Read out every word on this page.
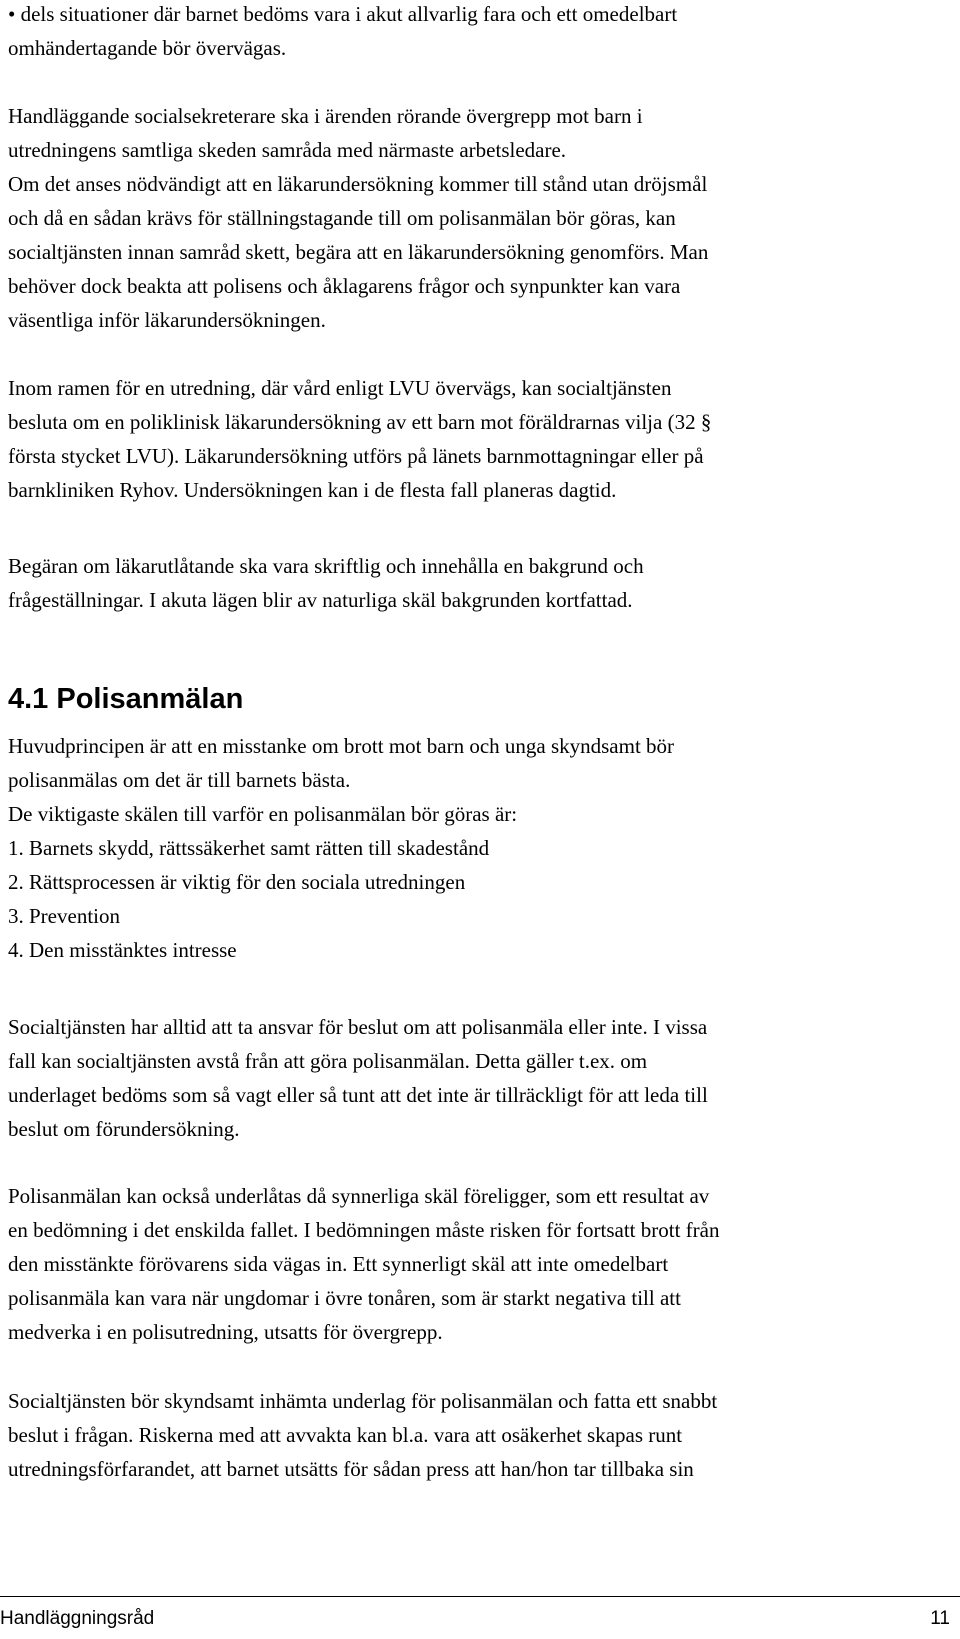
• dels situationer där barnet bedöms vara i akut allvarlig fara och ett omedelbart
omhändertagande bör övervägas.

Handläggande socialsekreterare ska i ärenden rörande övergrepp mot barn i
utredningens samtliga skeden samråda med närmaste arbetsledare.
Om det anses nödvändigt att en läkarundersökning kommer till stånd utan dröjsmål
och då en sådan krävs för ställningstagande till om polisanmälan bör göras, kan
socialtjänsten innan samråd skett, begära att en läkarundersökning genomförs. Man
behöver dock beakta att polisens och åklagarens frågor och synpunkter kan vara
väsentliga inför läkarundersökningen.

Inom ramen för en utredning, där vård enligt LVU övervägs, kan socialtjänsten
besluta om en poliklinisk läkarundersökning av ett barn mot föräldrarnas vilja (32 §
första stycket LVU). Läkarundersökning utförs på länets barnmottagningar eller på
barnkliniken Ryhov. Undersökningen kan i de flesta fall planeras dagtid.

Begäran om läkarutlåtande ska vara skriftlig och innehålla en bakgrund och
frågeställningar. I akuta lägen blir av naturliga skäl bakgrunden kortfattad.

4.1 Polisanmälan

Huvudprincipen är att en misstanke om brott mot barn och unga skyndsamt bör
polisanmälas om det är till barnets bästa.
De viktigaste skälen till varför en polisanmälan bör göras är:
1. Barnets skydd, rättssäkerhet samt rätten till skadestånd
2. Rättsprocessen är viktig för den sociala utredningen
3. Prevention
4. Den misstänktes intresse

Socialtjänsten har alltid att ta ansvar för beslut om att polisanmäla eller inte. I vissa
fall kan socialtjänsten avstå från att göra polisanmälan. Detta gäller t.ex. om
underlaget bedöms som så vagt eller så tunt att det inte är tillräckligt för att leda till
beslut om förundersökning.

Polisanmälan kan också underlåtas då synnerliga skäl föreligger, som ett resultat av
en bedömning i det enskilda fallet. I bedömningen måste risken för fortsatt brott från
den misstänkte förövarens sida vägas in. Ett synnerligt skäl att inte omedelbart
polisanmäla kan vara när ungdomar i övre tonåren, som är starkt negativa till att
medverka i en polisutredning, utsatts för övergrepp.

Socialtjänsten bör skyndsamt inhämta underlag för polisanmälan och fatta ett snabbt
beslut i frågan. Riskerna med att avvakta kan bl.a. vara att osäkerhet skapas runt
utredningsförfarandet, att barnet utsätts för sådan press att han/hon tar tillbaka sin

Handläggningsråd	11
